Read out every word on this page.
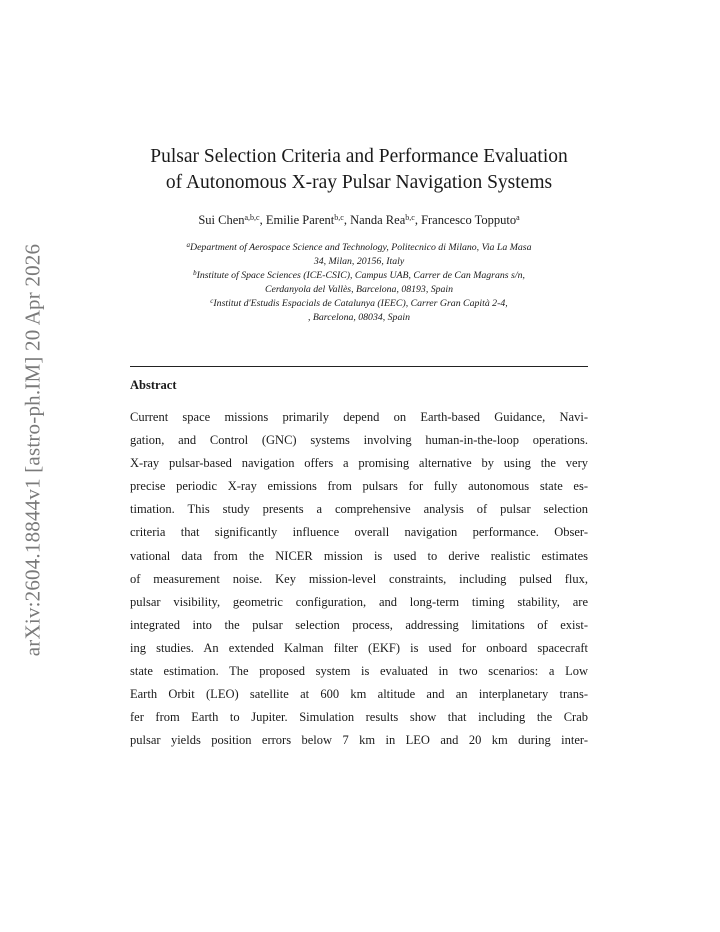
arXiv:2604.18844v1 [astro-ph.IM] 20 Apr 2026
Pulsar Selection Criteria and Performance Evaluation
of Autonomous X-ray Pulsar Navigation Systems
Sui Chen$^{a,b,c}$, Emilie Parent$^{b,c}$, Nanda Rea$^{b,c}$, Francesco Topputo$^a$
$^a$Department of Aerospace Science and Technology, Politecnico di Milano, Via La Masa
34, Milan, 20156, Italy
$^b$Institute of Space Sciences (ICE-CSIC), Campus UAB, Carrer de Can Magrans s/n,
Cerdanyola del Vallès, Barcelona, 08193, Spain
$^c$Institut d'Estudis Espacials de Catalunya (IEEC), Carrer Gran Capità 2-4,
, Barcelona, 08034, Spain
Abstract
Current space missions primarily depend on Earth-based Guidance, Navi-
gation, and Control (GNC) systems involving human-in-the-loop operations.
X-ray pulsar-based navigation offers a promising alternative by using the very
precise periodic X-ray emissions from pulsars for fully autonomous state es-
timation. This study presents a comprehensive analysis of pulsar selection
criteria that significantly influence overall navigation performance. Obser-
vational data from the NICER mission is used to derive realistic estimates
of measurement noise. Key mission-level constraints, including pulsed flux,
pulsar visibility, geometric configuration, and long-term timing stability, are
integrated into the pulsar selection process, addressing limitations of exist-
ing studies. An extended Kalman filter (EKF) is used for onboard spacecraft
state estimation. The proposed system is evaluated in two scenarios: a Low
Earth Orbit (LEO) satellite at 600 km altitude and an interplanetary trans-
fer from Earth to Jupiter. Simulation results show that including the Crab
pulsar yields position errors below 7 km in LEO and 20 km during inter-
